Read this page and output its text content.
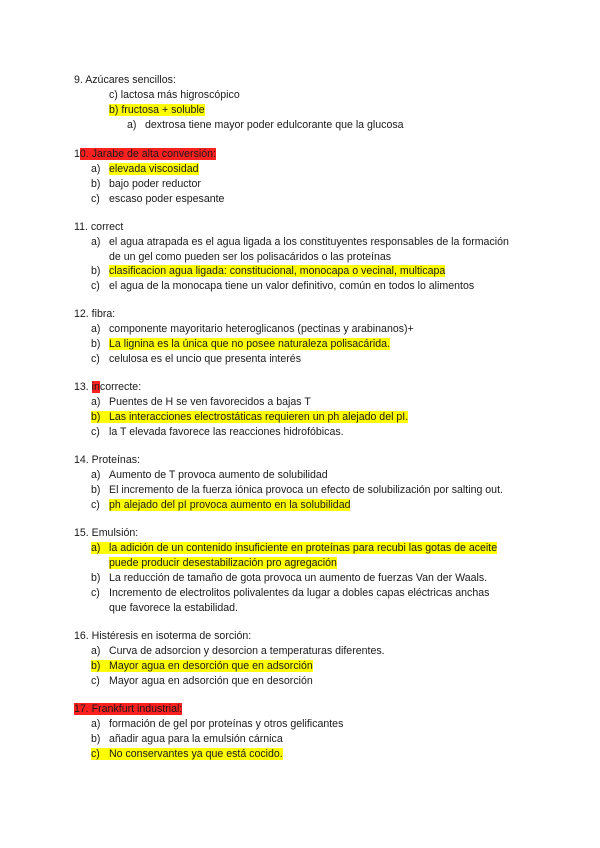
9. Azúcares sencillos:
c) lactosa más higroscópico
b) fructosa + soluble
a) dextrosa tiene mayor poder edulcorante que la glucosa
10. Jarabe de alta conversión:
a) elevada viscosidad
b) bajo poder reductor
c) escaso poder espesante
11. correct
a) el agua atrapada es el agua ligada a los constituyentes responsables de la formación
de un gel como pueden ser los polisacáridos o las proteínas
b) clasificacion agua ligada: constitucional, monocapa o vecinal, multicapa
c) el agua de la monocapa tiene un valor definitivo, común en todos lo alimentos
12. fibra:
a) componente mayoritario heteroglicanos (pectinas y arabinanos)+
b) La lignina es la única que no posee naturaleza polisacárida.
c) celulosa es el uncio que presenta interés
13. incorrecte:
a) Puentes de H se ven favorecidos a bajas T
b) Las interacciones electrostáticas requieren un ph alejado del pI.
c) la T elevada favorece las reacciones hidrofóbicas.
14. Proteínas:
a) Aumento de T provoca aumento de solubilidad
b) El incremento de la fuerza iónica provoca un efecto de solubilización por salting out.
c) ph alejado del pI provoca aumento en la solubilidad
15. Emulsión:
a) la adición de un contenido insuficiente en proteínas para recubi las gotas de aceite
puede producir desestabilización pro agregación
b) La reducción de tamaño de gota provoca un aumento de fuerzas Van der Waals.
c) Incremento de electrolitos polivalentes da lugar a dobles capas eléctricas anchas
que favorece la estabilidad.
16. Histéresis en isoterma de sorción:
a) Curva de adsorcion y desorcion a temperaturas diferentes.
b) Mayor agua en desorción que en adsorción
c) Mayor agua en adsorción que en desorción
17. Frankfurt industrial:
a) formación de gel por proteínas y otros gelificantes
b) añadir agua para la emulsión cárnica
c) No conservantes ya que está cocido.
